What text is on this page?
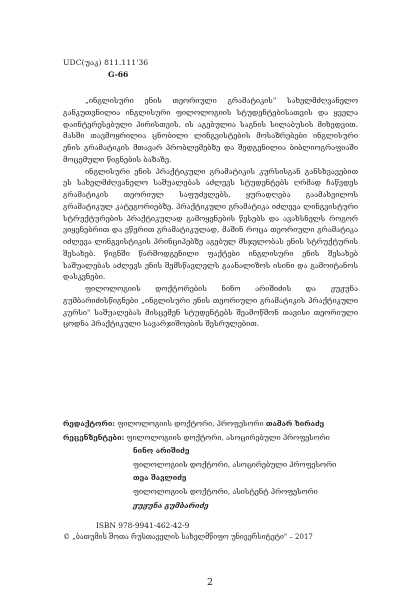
UDC(უაკ) 811.111'36
G-66

„ინგლისური ენის თეორიული გრამატიკის" სახელმძღვანელო განკუთვნილია ინგლისური ფილოლოგიის სტუდენტებისათვის და ყველა დაინტერესებული პირისთვის. ის აგებულია საგნის სილაბუსის მიხედვით. მასში თავმოყრილია ცნობილი ლინგვისტების მოსაზრებები ინგლისური ენის გრამატიკის მთავარ პრობლემებზე და შედგენილია ბიბლიოგრაფიაში მოცემული წიგნების ბაზაზე.

ინგლისური ენის პრაქტიკული გრამატიკის კურსისგან განსხვავებით ეს სახელმძღვანელო საშუალებას აძლევს სტუდენტებს ღრმად ჩაწვდეს გრამატიკის თეორიულ საფუძვლებს, ყურადღება გაამახვილოს გრამატიკულ კატეგორიებზე. პრაქტიკული გრამატიკა იძლევა ლინგვისტური სტრუქტურების პრაქტიკულად გამოყენების წესებს და ავახსნელს როგორ ვიყენებრით და ვწერით გრამატიკულად, მაშინ როცა თეორიული გრამატიკა იძლევა ლინგვისტიკის პრინციპებზე აგებულ მსჯელობას ენის სტრუქტურის შესახებ. წიგნში წარმოდგენილი ფაქტები ინგლისური ენის შესახებ საშუალებას აძლევს ენის შემსწავლელს გაანალიზოს ისინი და გამოიტანოს დასკვნები.

ფილოლოგიის დოქტორების ნინო არიშიძის და ჟუჟუნა გუმბარიძისწიგნები „ინგლისური ენის თეორიული გრამატიკის პრაქტიკული კურსი" საშუალებას მისცემენ სტუდენტებს შეამოწმონ თავისი თეორიული ცოდნა პრაქტიკული სავარჯიშოების შესრულებით.

რედაქტორი: ფილოლოგიის დოქტორი, პროფესორი თამარ ხირაძე
რეცენზენტები: ფილოლოგიის დოქტორი, ასოცირებული პროფესორი
ნინო არიშიძე
ფილოლოგიის დოქტორი, ასოცირებული პროფესორი
თეა შავლიძე
ფილოლოგიის დოქტორი, ასისტენტ პროფესორი
ჟუჟუნა გუმბარიძე
ISBN 978-9941-462-42-9
© „ბათუმის შოთა რუსთაველის სახელმწიფო უნივერსიტეტი" – 2017
2
